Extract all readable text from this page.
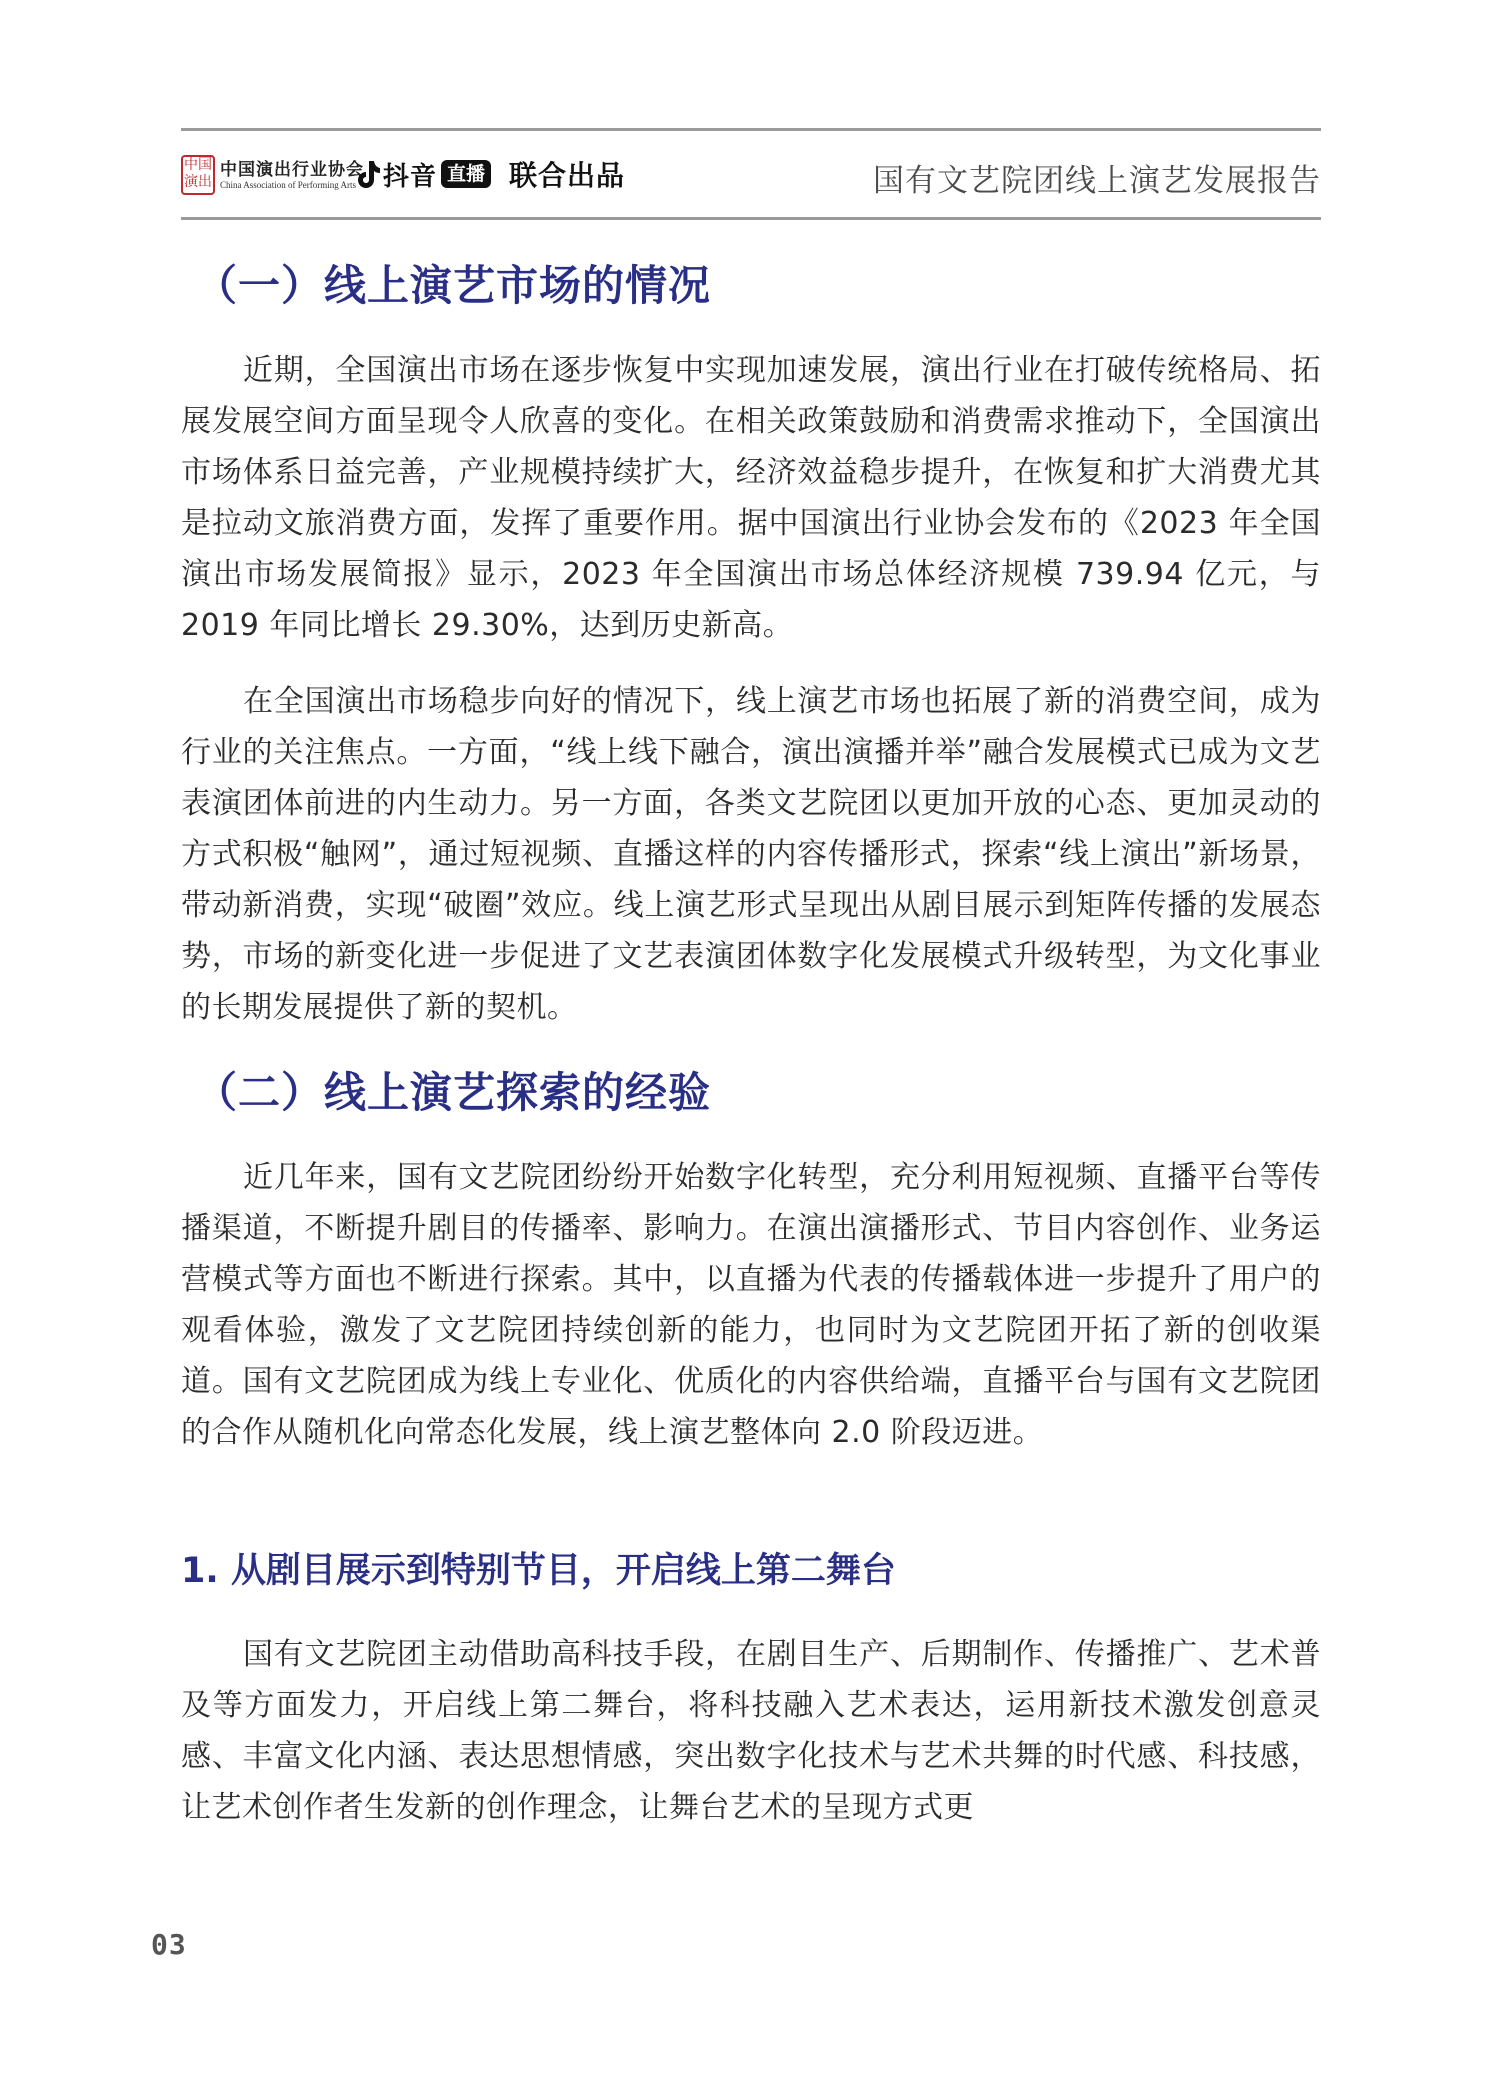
中国演出
中国演出行业协会
China Association of Performing Arts	抖音 直播 联合出品	国有文艺院团线上演艺发展报告
（一）线上演艺市场的情况

近期，全国演出市场在逐步恢复中实现加速发展，演出行业在打破传统格局、拓展发展空间方面呈现令人欣喜的变化。在相关政策鼓励和消费需求推动下，全国演出市场体系日益完善，产业规模持续扩大，经济效益稳步提升，在恢复和扩大消费尤其是拉动文旅消费方面，发挥了重要作用。据中国演出行业协会发布的《2023 年全国演出市场发展简报》显示，2023 年全国演出市场总体经济规模 739.94 亿元，与 2019 年同比增长 29.30%，达到历史新高。

在全国演出市场稳步向好的情况下，线上演艺市场也拓展了新的消费空间，成为行业的关注焦点。一方面，“线上线下融合，演出演播并举”融合发展模式已成为文艺表演团体前进的内生动力。另一方面，各类文艺院团以更加开放的心态、更加灵动的方式积极“触网”，通过短视频、直播这样的内容传播形式，探索“线上演出”新场景，带动新消费，实现“破圈”效应。线上演艺形式呈现出从剧目展示到矩阵传播的发展态势，市场的新变化进一步促进了文艺表演团体数字化发展模式升级转型，为文化事业的长期发展提供了新的契机。

（二）线上演艺探索的经验

近几年来，国有文艺院团纷纷开始数字化转型，充分利用短视频、直播平台等传播渠道，不断提升剧目的传播率、影响力。在演出演播形式、节目内容创作、业务运营模式等方面也不断进行探索。其中，以直播为代表的传播载体进一步提升了用户的观看体验，激发了文艺院团持续创新的能力，也同时为文艺院团开拓了新的创收渠道。国有文艺院团成为线上专业化、优质化的内容供给端，直播平台与国有文艺院团的合作从随机化向常态化发展，线上演艺整体向 2.0 阶段迈进。

1. 从剧目展示到特别节目，开启线上第二舞台

国有文艺院团主动借助高科技手段，在剧目生产、后期制作、传播推广、艺术普及等方面发力，开启线上第二舞台，将科技融入艺术表达，运用新技术激发创意灵感、丰富文化内涵、表达思想情感，突出数字化技术与艺术共舞的时代感、科技感，让艺术创作者生发新的创作理念，让舞台艺术的呈现方式更

03
